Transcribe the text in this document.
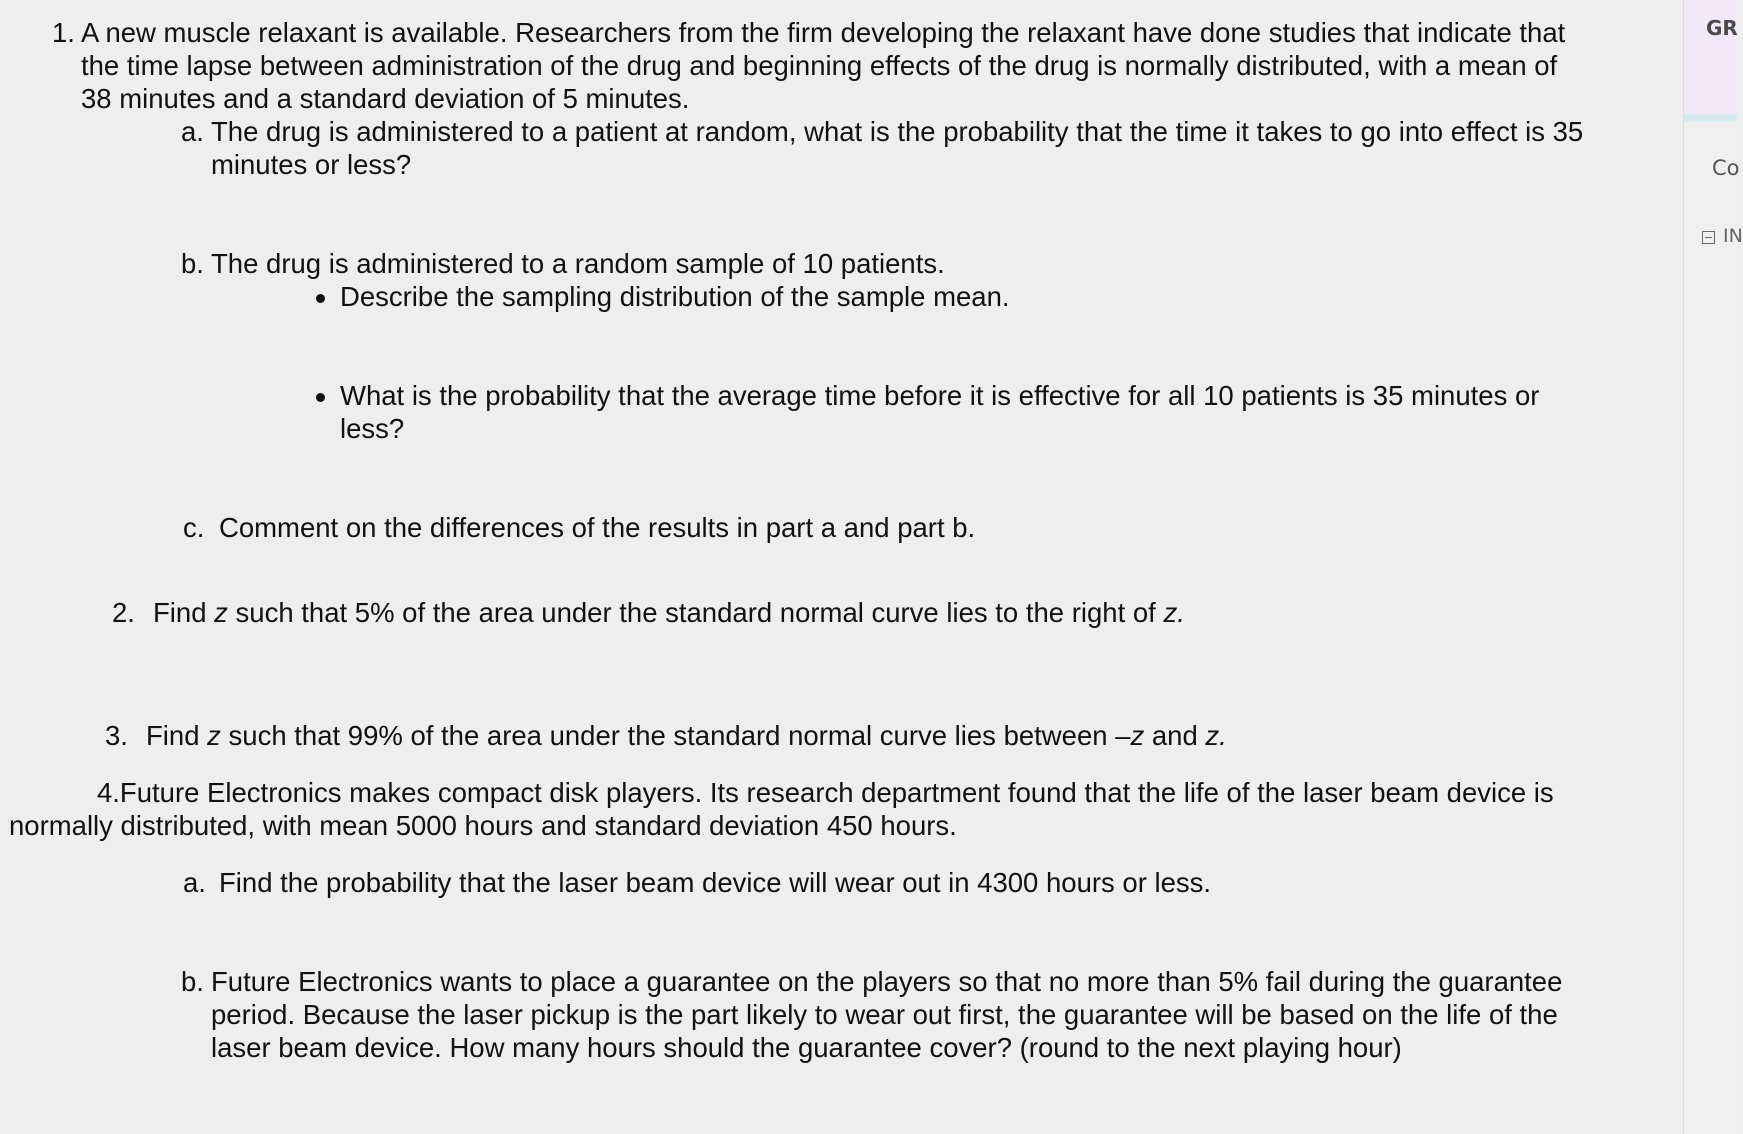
1. A new muscle relaxant is available. Researchers from the firm developing the relaxant have done studies that indicate that
the time lapse between administration of the drug and beginning effects of the drug is normally distributed, with a mean of
38 minutes and a standard deviation of 5 minutes.
a. The drug is administered to a patient at random, what is the probability that the time it takes to go into effect is 35
minutes or less?
b. The drug is administered to a random sample of 10 patients.
Describe the sampling distribution of the sample mean.
What is the probability that the average time before it is effective for all 10 patients is 35 minutes or
less?
c. Comment on the differences of the results in part a and part b.
2. Find z such that 5% of the area under the standard normal curve lies to the right of z.
3. Find z such that 99% of the area under the standard normal curve lies between –z and z.
4.Future Electronics makes compact disk players. Its research department found that the life of the laser beam device is
normally distributed, with mean 5000 hours and standard deviation 450 hours.
a. Find the probability that the laser beam device will wear out in 4300 hours or less.
b. Future Electronics wants to place a guarantee on the players so that no more than 5% fail during the guarantee
period. Because the laser pickup is the part likely to wear out first, the guarantee will be based on the life of the
laser beam device. How many hours should the guarantee cover? (round to the next playing hour)
GR
Co
IN
